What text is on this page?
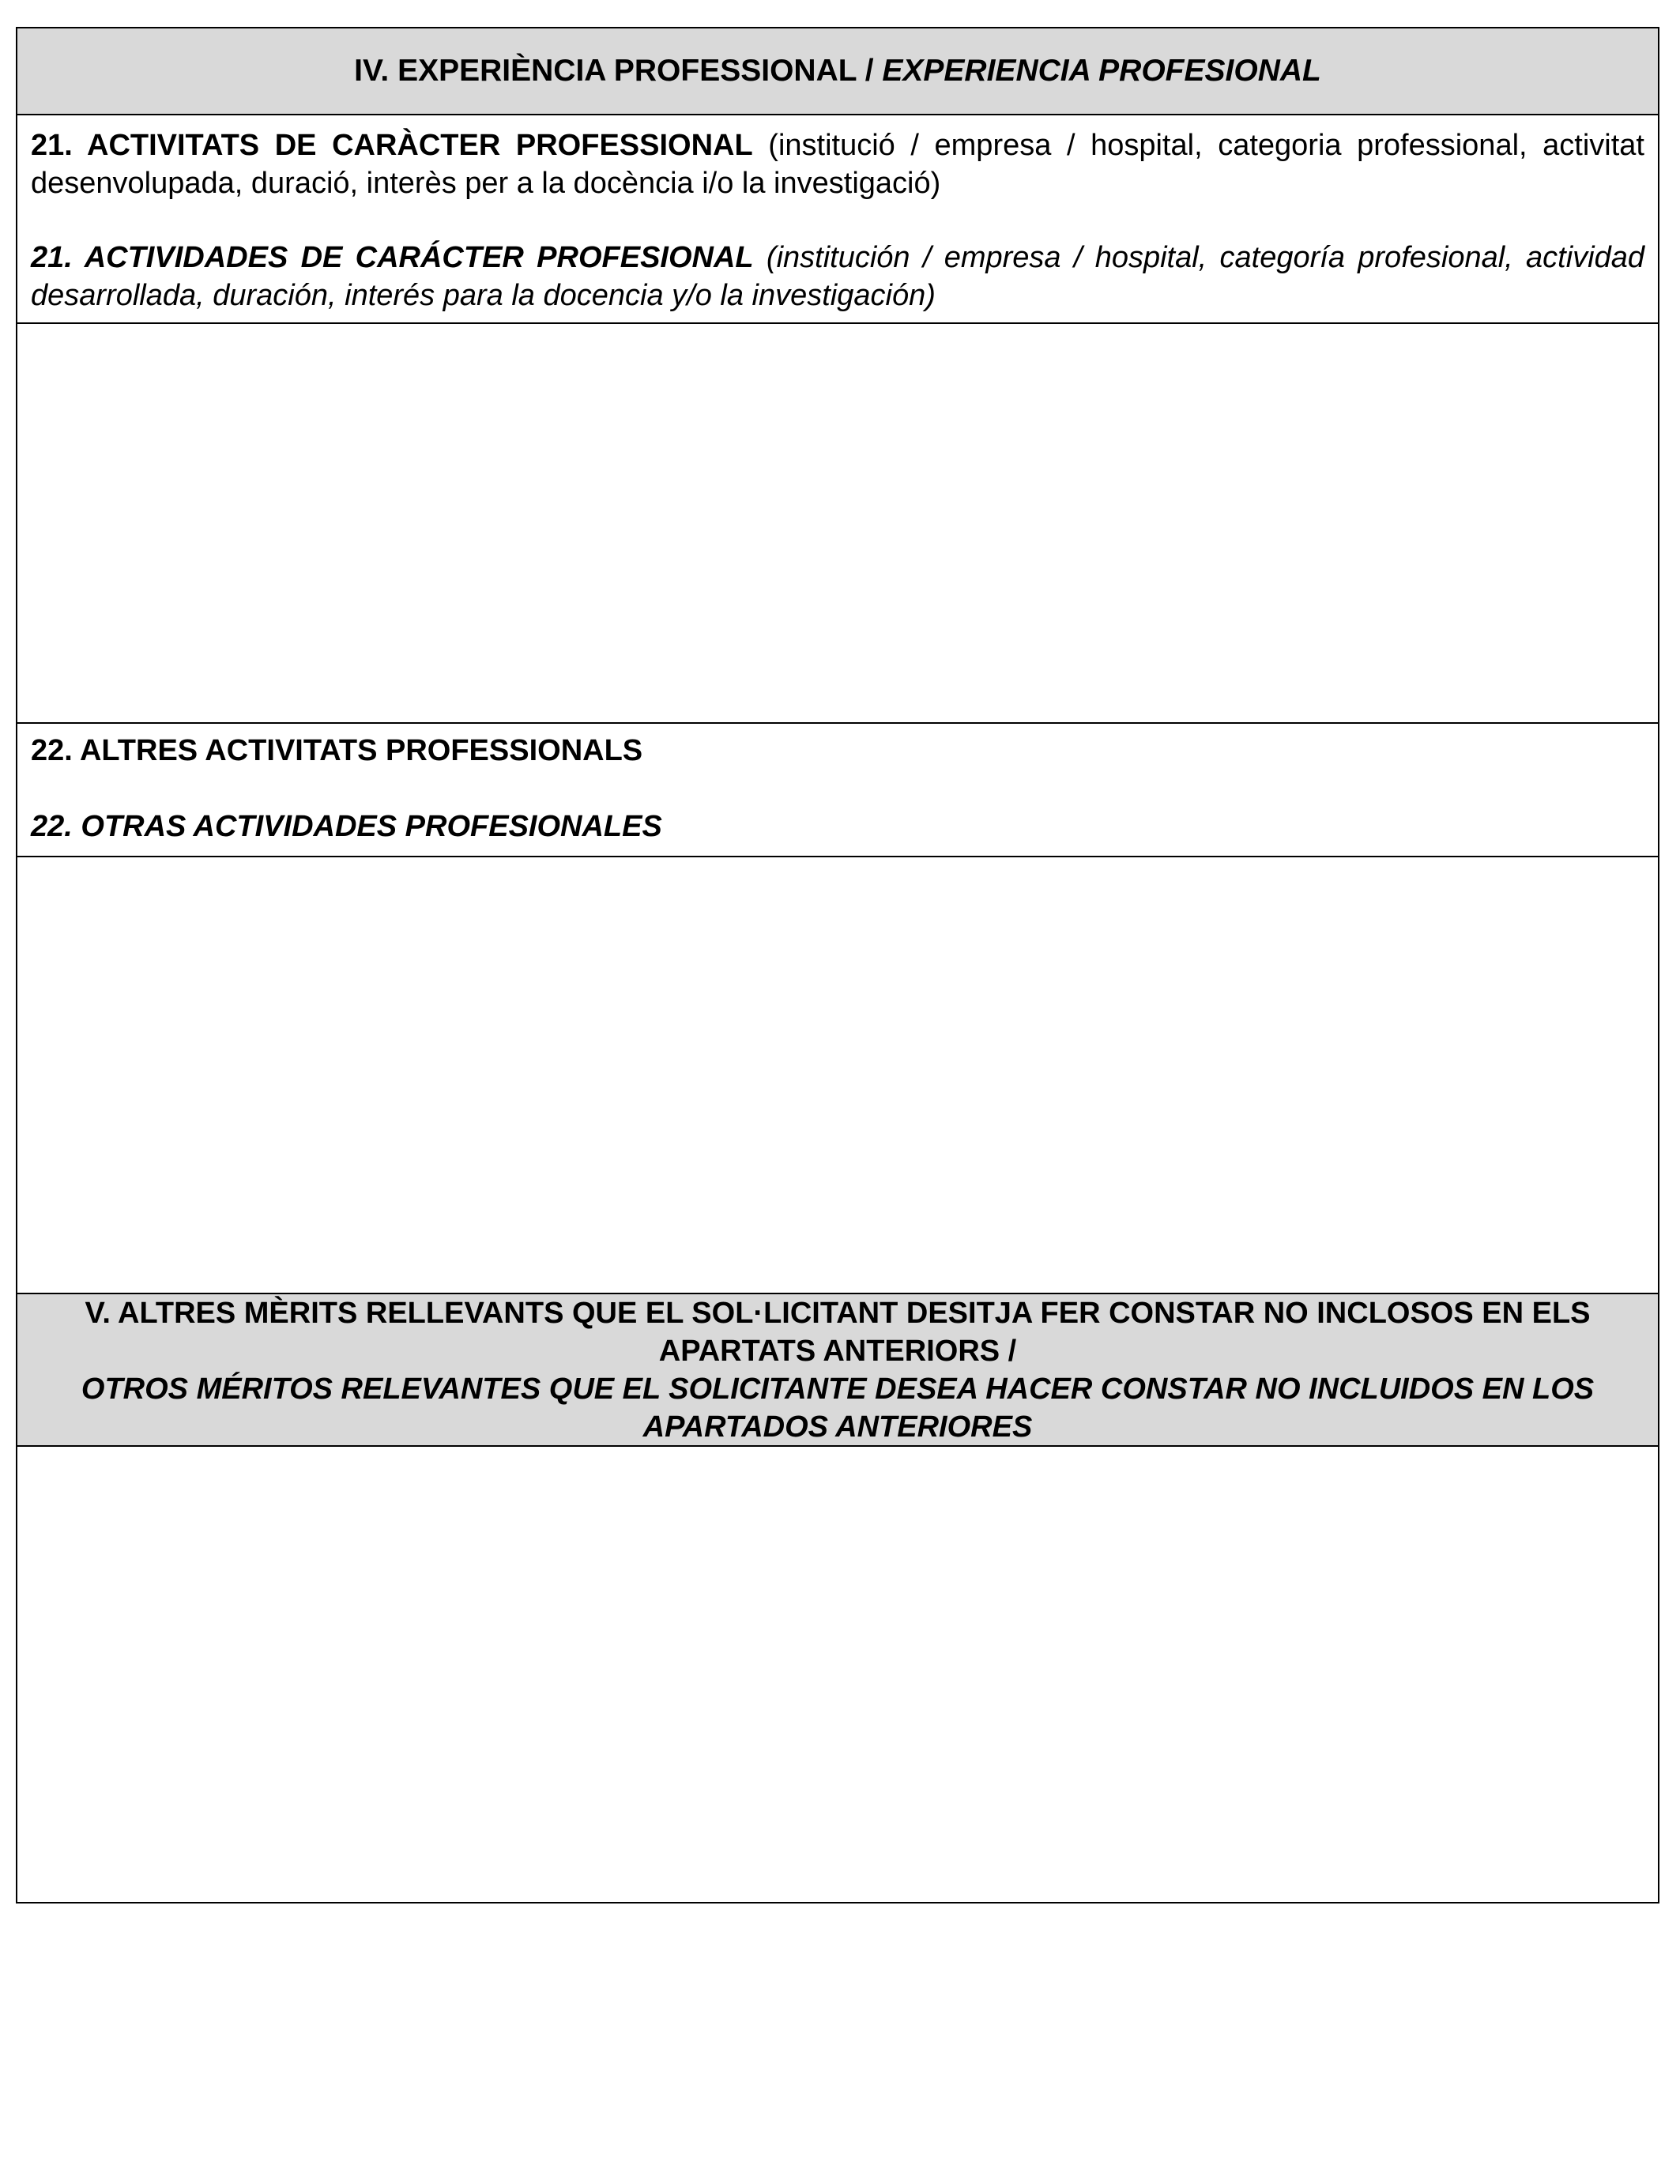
IV. EXPERIÈNCIA PROFESSIONAL /
EXPERIENCIA PROFESIONAL

21. ACTIVITATS DE CARÀCTER PROFESSIONAL (institució / empresa / hospital, categoria professional, activitat desenvolupada, duració, interès per a la docència i/o la investigació)

21. ACTIVIDADES DE CARÁCTER PROFESIONAL (institución / empresa / hospital, categoría profesional, actividad desarrollada, duración, interés para la docencia y/o la investigación)

22. ALTRES ACTIVITATS PROFESSIONALS

22. OTRAS ACTIVIDADES PROFESIONALES

V. ALTRES MÈRITS RELLEVANTS QUE EL SOL·LICITANT DESITJA FER CONSTAR NO INCLOSOS EN ELS APARTATS ANTERIORS /

OTROS MÉRITOS RELEVANTES QUE EL SOLICITANTE DESEA HACER CONSTAR NO INCLUIDOS EN LOS APARTADOS ANTERIORES
